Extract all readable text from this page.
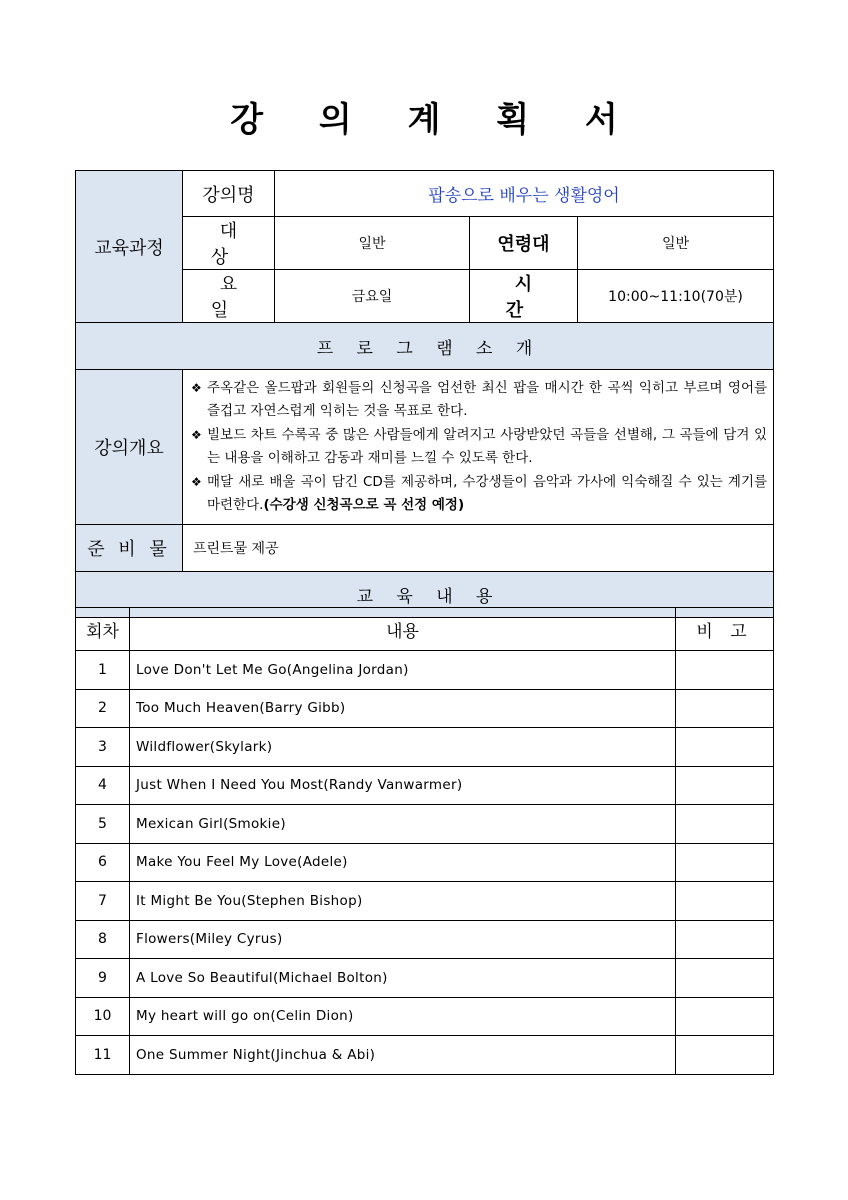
강 의 계 획 서
교육과정	강의명	팝송으로 배우는 생활영어		
	대 상	일반	연령대	일반
	요 일	금요일	시 간	10:00~11:10(70분)
프 로 그 램 소 개				
강의개요	❖ 주옥같은 올드팝과 회원들의 신청곡을 엄선한 최신 팝을 매시간 한 곡씩 익히고 부르며 영어를 즐겁고 자연스럽게 익히는 것을 목표로 한다.
❖ 빌보드 차트 수록곡 중 많은 사람들에게 알려지고 사랑받았던 곡들을 선별해, 그 곡들에 담겨 있는 내용을 이해하고 감동과 재미를 느낄 수 있도록 한다.
❖ 매달 새로 배울 곡이 담긴 CD를 제공하며, 수강생들이 음악과 가사에 익숙해질 수 있는 계기를 마련한다.(수강생 신청곡으로 곡 선정 예정)			

준 비 물	프린트물 제공			
교 육 내 용				
회차	내용	비 고
1	Love Don't Let Me Go(Angelina Jordan)	
2	Too Much Heaven(Barry Gibb)	
3	Wildflower(Skylark)	
4	Just When I Need You Most(Randy Vanwarmer)	
5	Mexican Girl(Smokie)	
6	Make You Feel My Love(Adele)	
7	It Might Be You(Stephen Bishop)	
8	Flowers(Miley Cyrus)	
9	A Love So Beautiful(Michael Bolton)	
10	My heart will go on(Celin Dion)	
11	One Summer Night(Jinchua & Abi)	
